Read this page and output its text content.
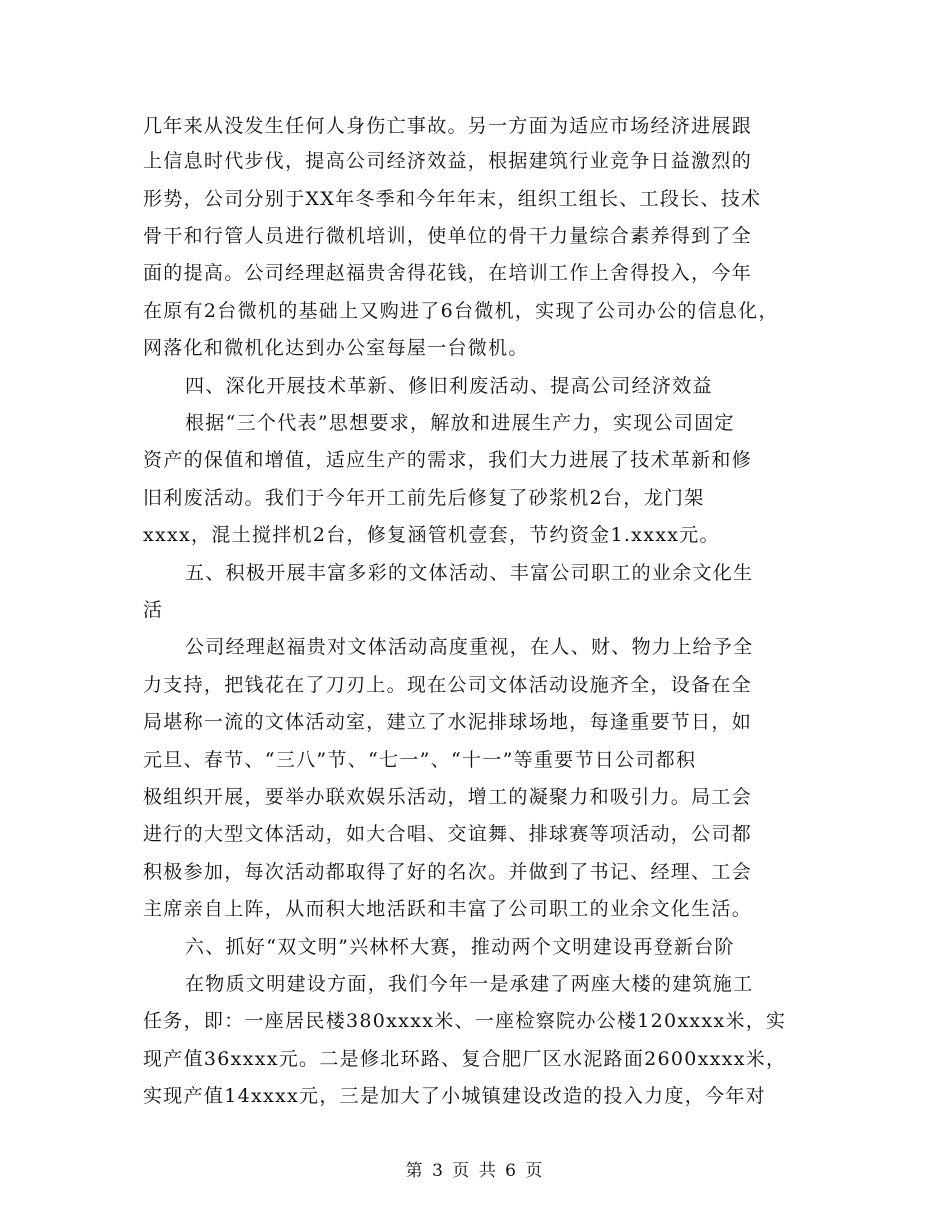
几年来从没发生任何人身伤亡事故。另一方面为适应市场经济进展跟
上信息时代步伐，提高公司经济效益，根据建筑行业竞争日益激烈的
形势，公司分别于XX年冬季和今年年末，组织工组长、工段长、技术
骨干和行管人员进行微机培训，使单位的骨干力量综合素养得到了全
面的提高。公司经理赵福贵舍得花钱，在培训工作上舍得投入，今年
在原有2台微机的基础上又购进了6台微机，实现了公司办公的信息化，
网落化和微机化达到办公室每屋一台微机。
四、深化开展技术革新、修旧利废活动、提高公司经济效益
根据“三个代表”思想要求，解放和进展生产力，实现公司固定
资产的保值和增值，适应生产的需求，我们大力进展了技术革新和修
旧利废活动。我们于今年开工前先后修复了砂浆机2台，龙门架
xxxx，混土搅拌机2台，修复涵管机壹套，节约资金1.xxxx元。
五、积极开展丰富多彩的文体活动、丰富公司职工的业余文化生
活
公司经理赵福贵对文体活动高度重视，在人、财、物力上给予全
力支持，把钱花在了刀刃上。现在公司文体活动设施齐全，设备在全
局堪称一流的文体活动室，建立了水泥排球场地，每逢重要节日，如
元旦、春节、“三八”节、“七一”、“十一”等重要节日公司都积
极组织开展，要举办联欢娱乐活动，增工的凝聚力和吸引力。局工会
进行的大型文体活动，如大合唱、交谊舞、排球赛等项活动，公司都
积极参加，每次活动都取得了好的名次。并做到了书记、经理、工会
主席亲自上阵，从而积大地活跃和丰富了公司职工的业余文化生活。
六、抓好“双文明”兴林杯大赛，推动两个文明建设再登新台阶
在物质文明建设方面，我们今年一是承建了两座大楼的建筑施工
任务，即：一座居民楼380xxxx米、一座检察院办公楼120xxxx米，实
现产值36xxxx元。二是修北环路、复合肥厂区水泥路面2600xxxx米，
实现产值14xxxx元，三是加大了小城镇建设改造的投入力度，今年对
第 3 页 共 6 页
